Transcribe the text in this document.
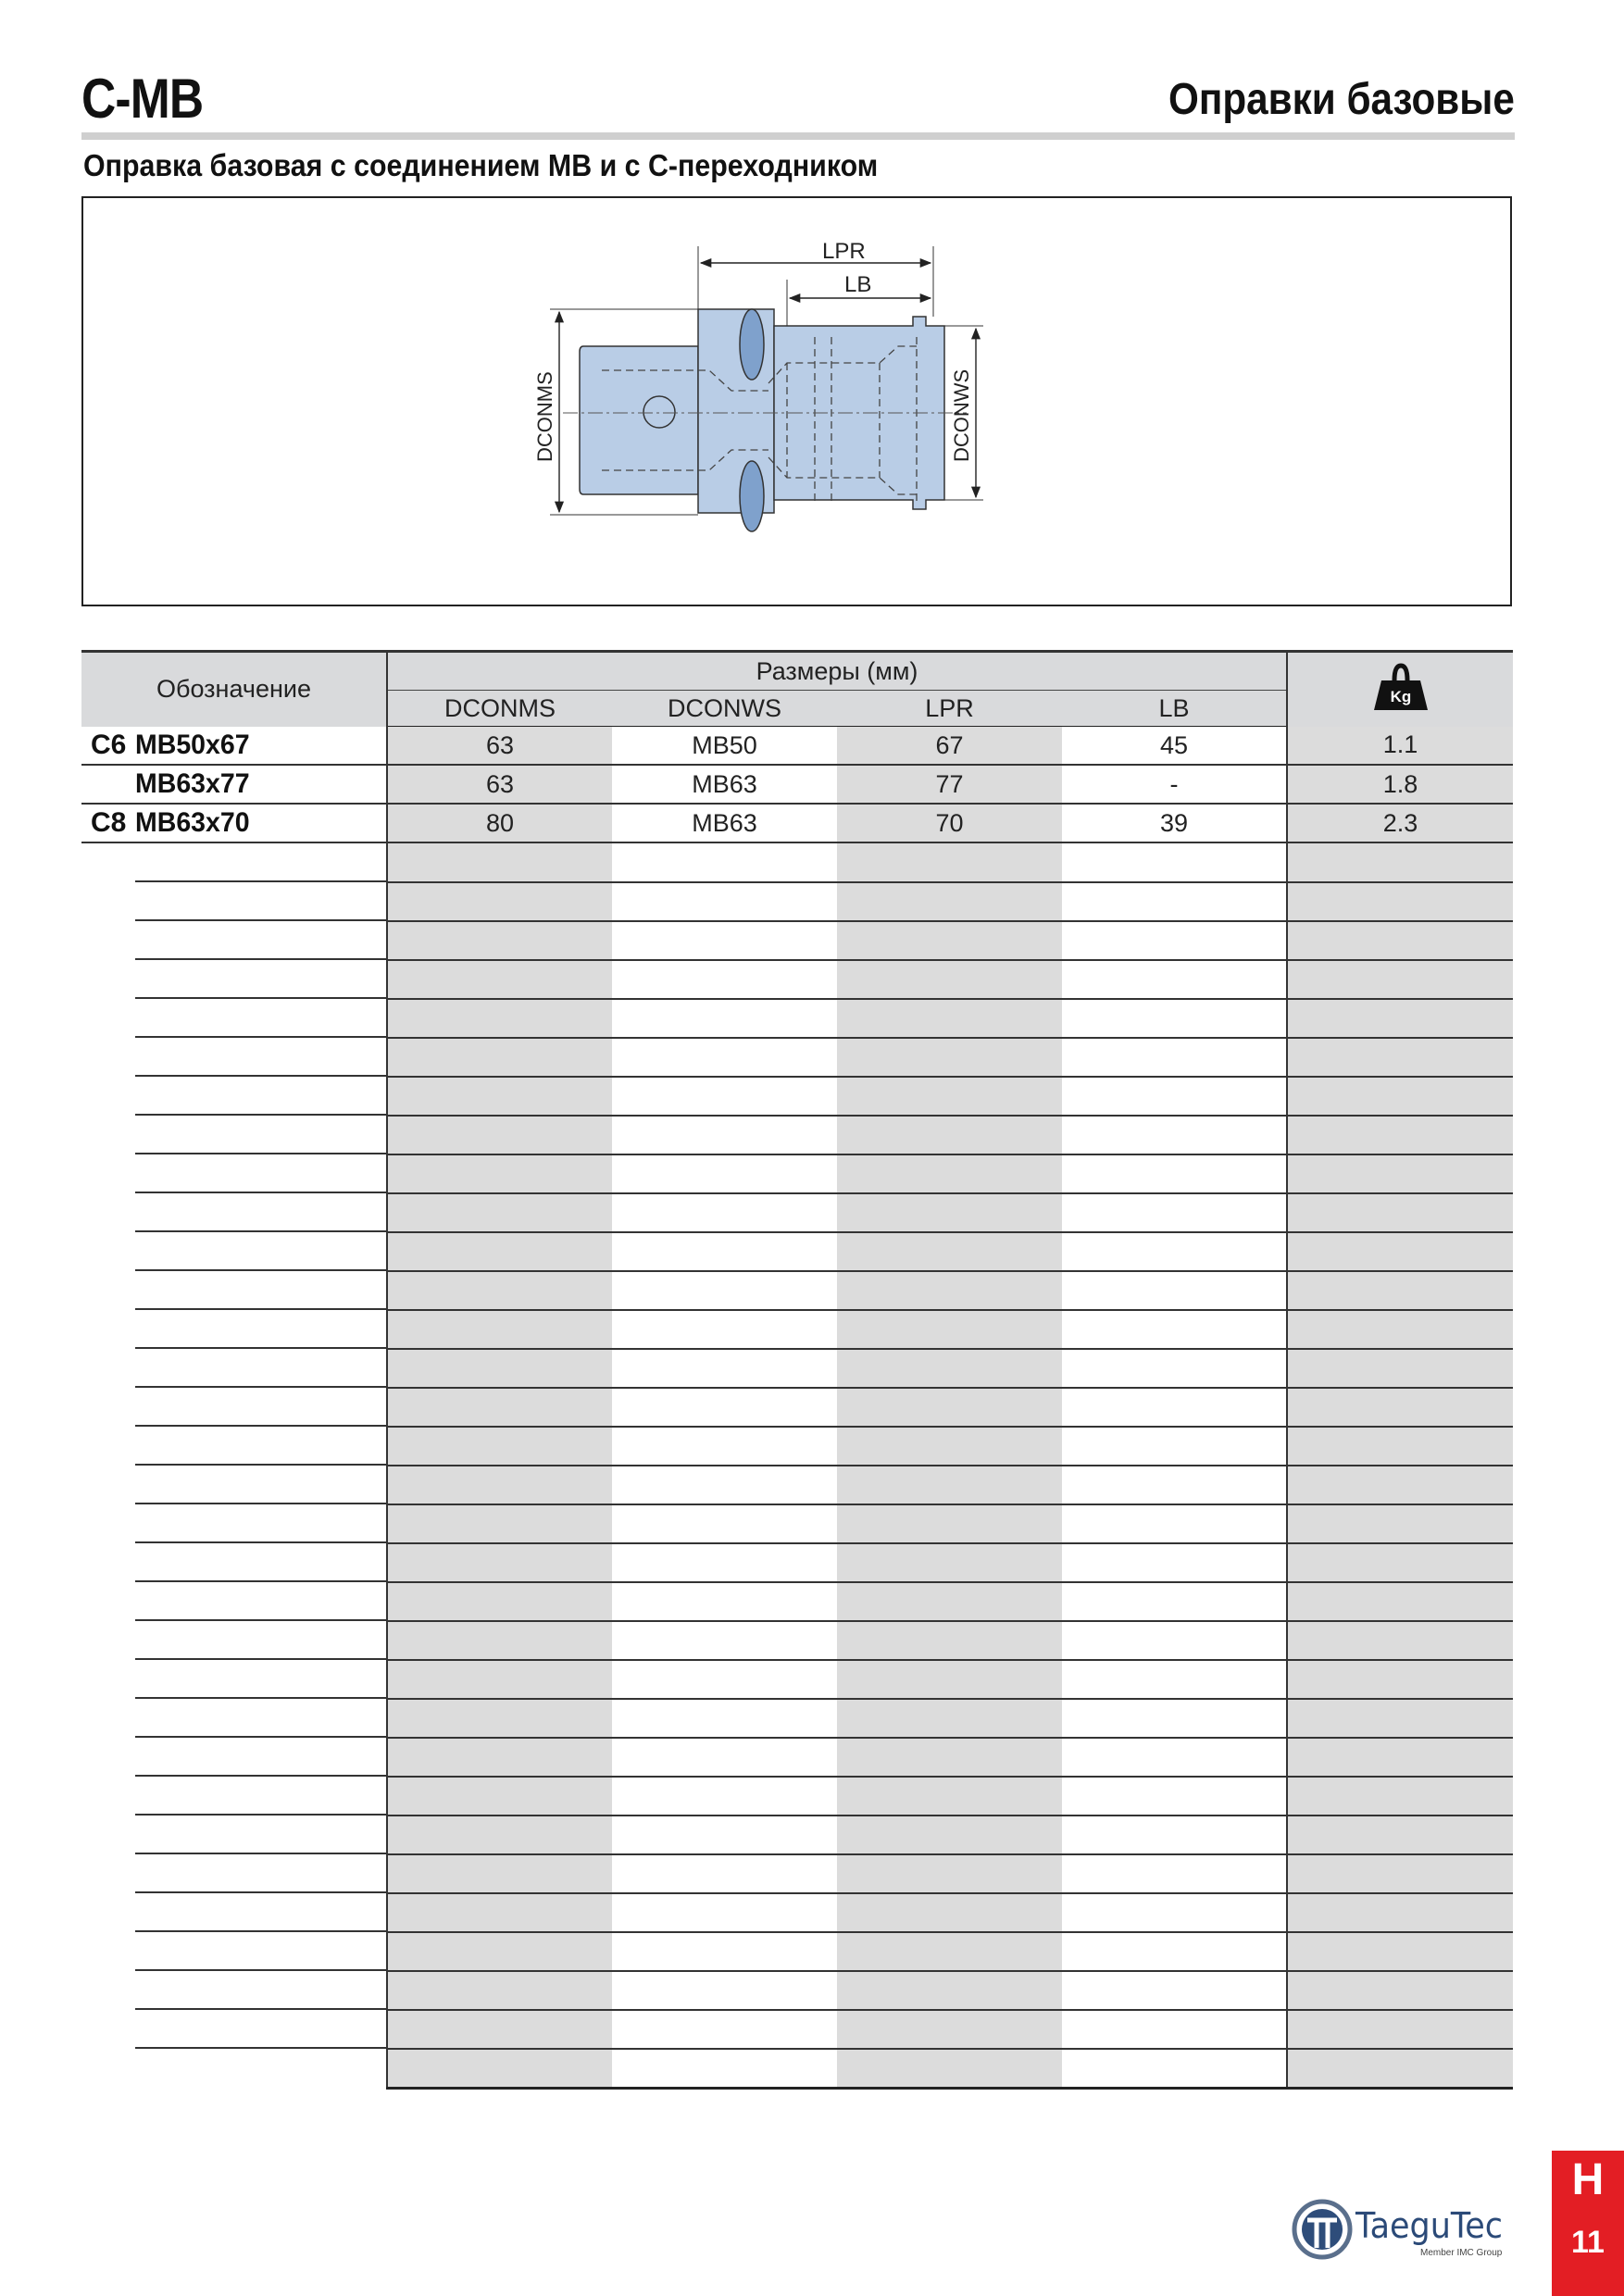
C-MB	Оправки базовые
Оправка базовая с соединением MB и с C-переходником
LPR
LB
DCONMS	DCONWS
Обозначение	Размеры (мм)				Kg

	DCONMS	DCONWS	LPR	LB	
C6 MB50x67	63	MB50	67	45	1.1
MB63x77	63	MB63	77	-	1.8
C8 MB63x70	80	MB63	70	39	2.3

TaeguTec
Member IMC Group
H
11
